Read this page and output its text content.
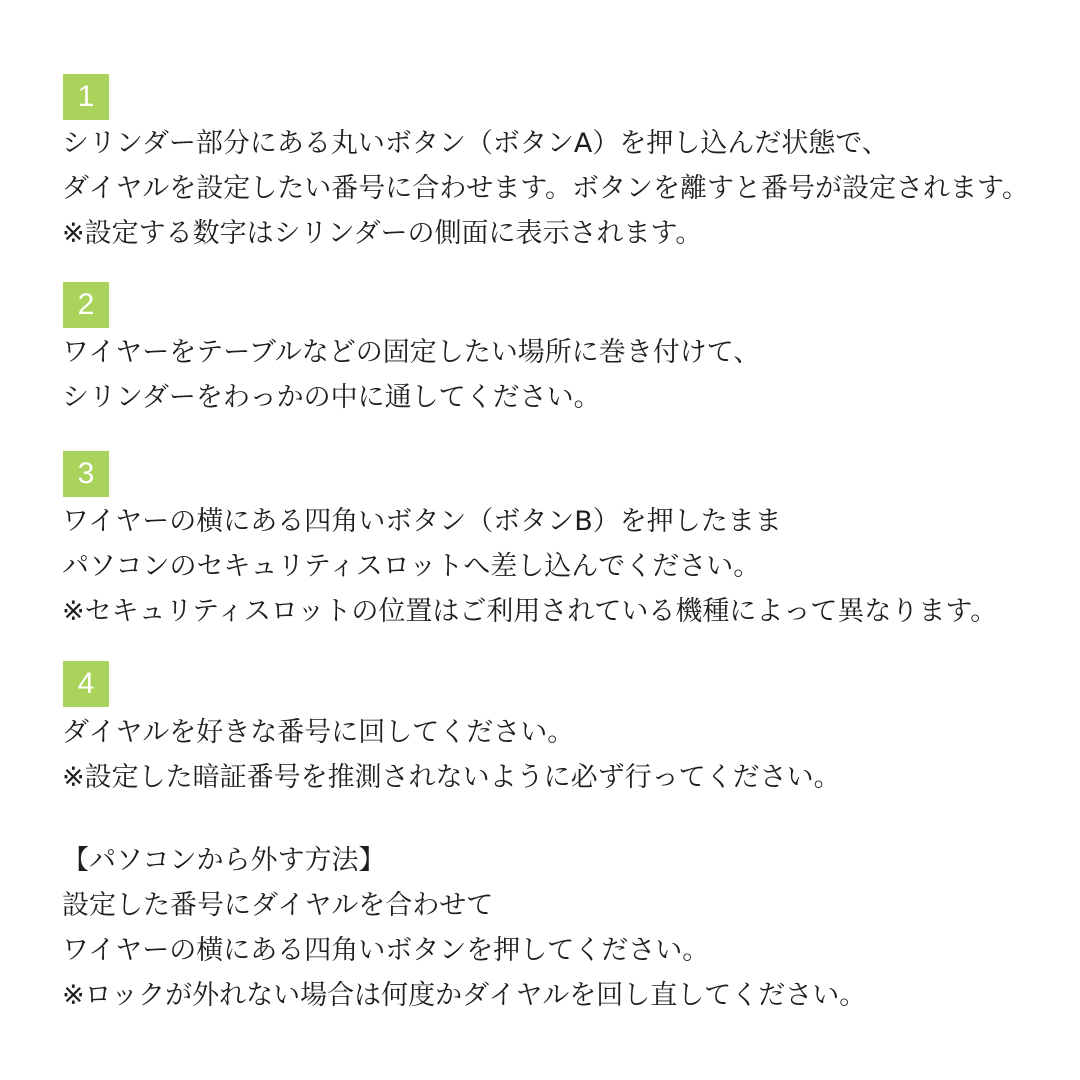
1
シリンダー部分にある丸いボタン（ボタンA）を押し込んだ状態で、
ダイヤルを設定したい番号に合わせます。ボタンを離すと番号が設定されます。
※設定する数字はシリンダーの側面に表示されます。
2
ワイヤーをテーブルなどの固定したい場所に巻き付けて、
シリンダーをわっかの中に通してください。
3
ワイヤーの横にある四角いボタン（ボタンB）を押したまま
パソコンのセキュリティスロットへ差し込んでください。
※セキュリティスロットの位置はご利用されている機種によって異なります。
4
ダイヤルを好きな番号に回してください。
※設定した暗証番号を推測されないように必ず行ってください。
【パソコンから外す方法】
設定した番号にダイヤルを合わせて
ワイヤーの横にある四角いボタンを押してください。
※ロックが外れない場合は何度かダイヤルを回し直してください。
